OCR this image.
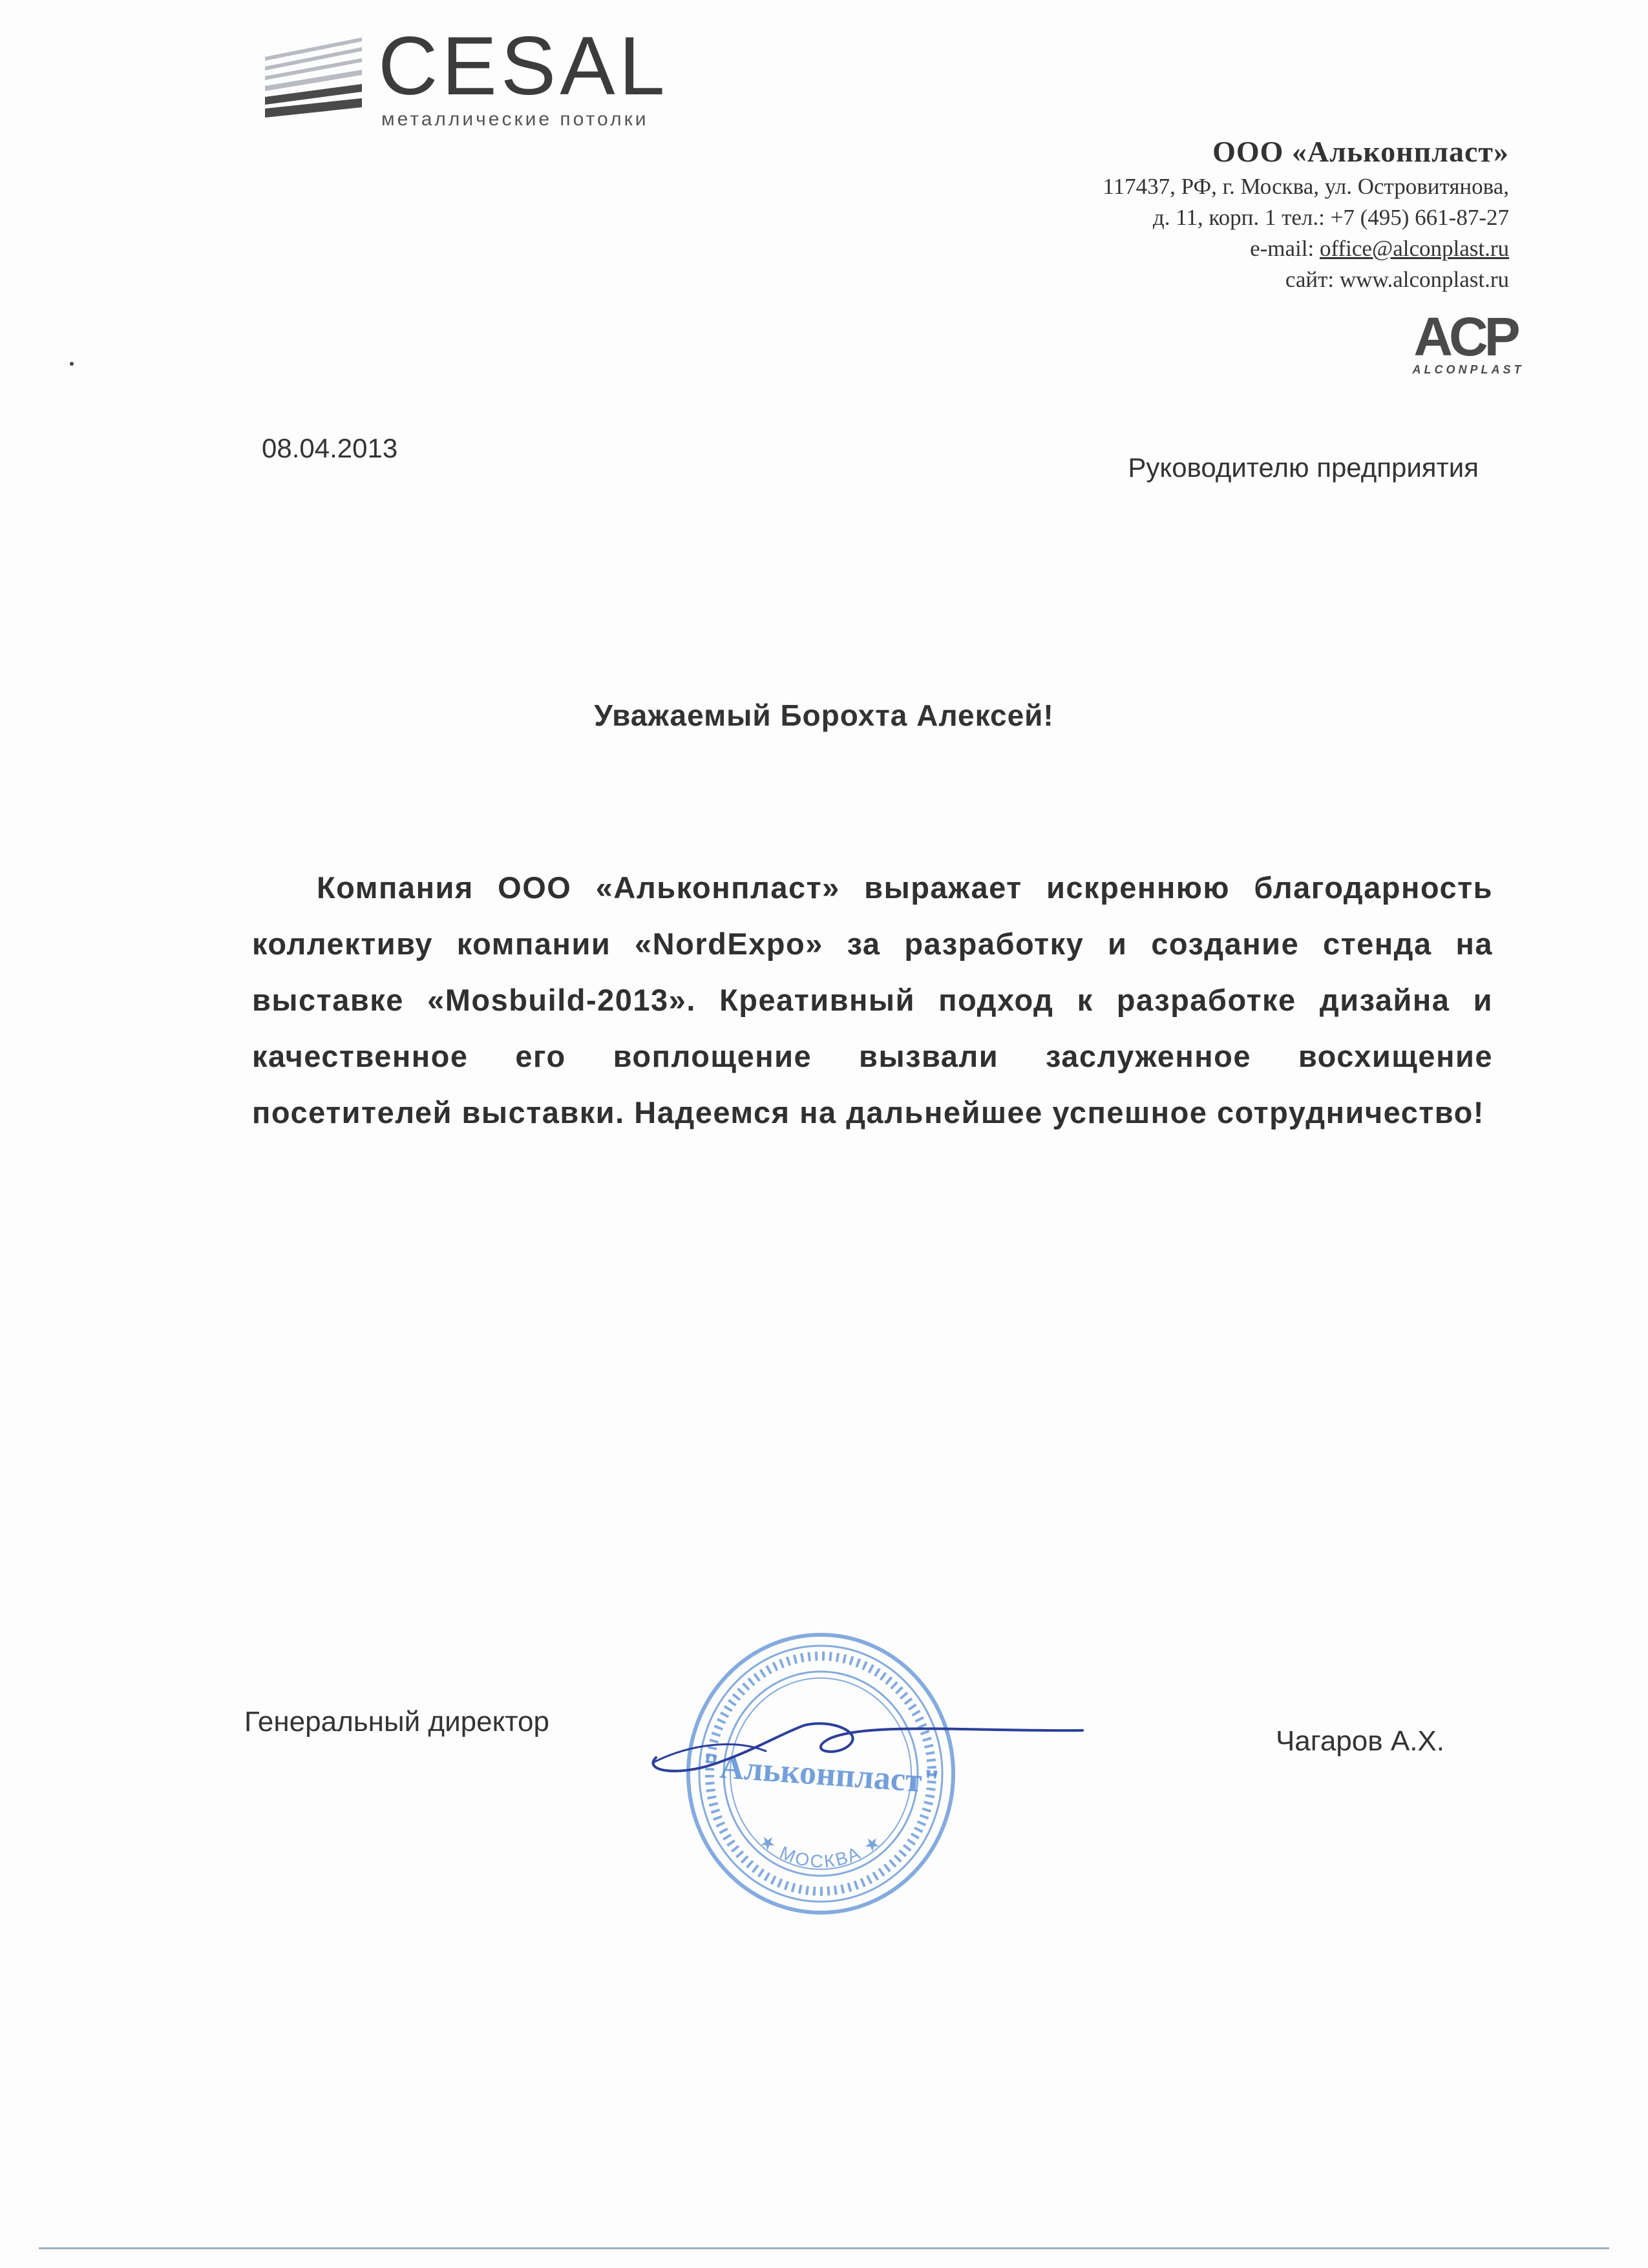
CESAL
металлические потолки
ООО «Альконпласт»
117437, РФ, г. Москва, ул. Островитянова,
д. 11, корп. 1 тел.: +7 (495) 661-87-27
e-mail: office@alconplast.ru
сайт: www.alconplast.ru
ACP
ALCONPLAST
08.04.2013
Руководителю предприятия
Уважаемый Борохта Алексей!
Компания ООО «Альконпласт» выражает искреннюю благодарность коллективу компании «NordExpo» за разработку и создание стенда на выставке «Mosbuild-2013». Креативный подход к разработке дизайна и качественное его воплощение вызвали заслуженное восхищение посетителей выставки. Надеемся на дальнейшее успешное сотрудничество!
"Альконпласт"
★ МОСКВА ★
Генеральный директор
Чагаров А.Х.
